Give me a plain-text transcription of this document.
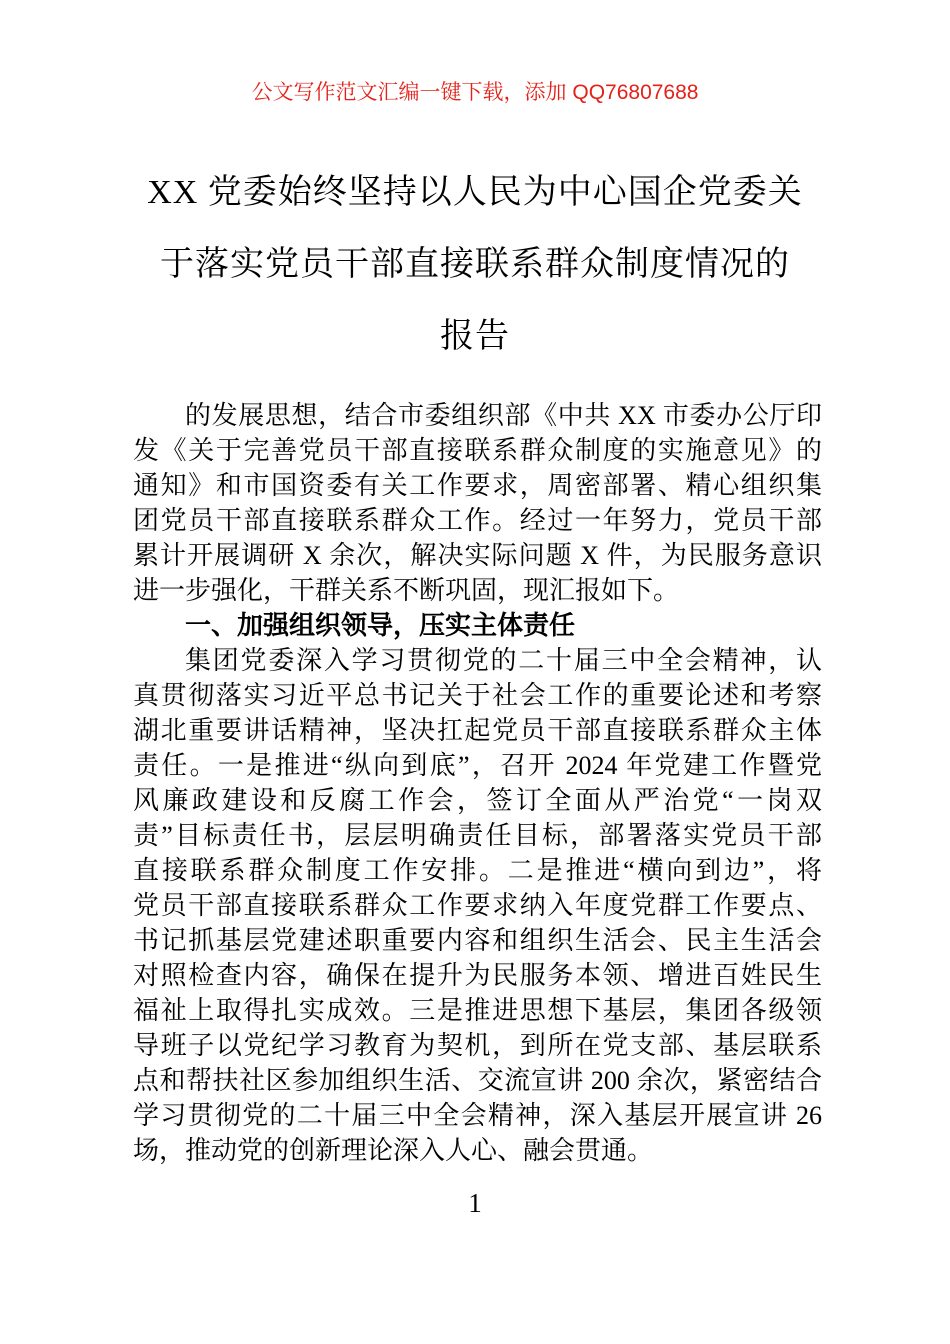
公文写作范文汇编一键下载，添加 QQ76807688
XX 党委始终坚持以人民为中心国企党委关
于落实党员干部直接联系群众制度情况的
报告
的发展思想，结合市委组织部《中共 XX 市委办公厅印
发《关于完善党员干部直接联系群众制度的实施意见》的
通知》和市国资委有关工作要求，周密部署、精心组织集
团党员干部直接联系群众工作。经过一年努力，党员干部
累计开展调研 X 余次，解决实际问题 X 件，为民服务意识
进一步强化，干群关系不断巩固，现汇报如下。
一、加强组织领导，压实主体责任
集团党委深入学习贯彻党的二十届三中全会精神，认
真贯彻落实习近平总书记关于社会工作的重要论述和考察
湖北重要讲话精神，坚决扛起党员干部直接联系群众主体
责任。一是推进“纵向到底”，召开 2024 年党建工作暨党
风廉政建设和反腐工作会，签订全面从严治党“一岗双
责”目标责任书，层层明确责任目标，部署落实党员干部
直接联系群众制度工作安排。二是推进“横向到边”，将
党员干部直接联系群众工作要求纳入年度党群工作要点、
书记抓基层党建述职重要内容和组织生活会、民主生活会
对照检查内容，确保在提升为民服务本领、增进百姓民生
福祉上取得扎实成效。三是推进思想下基层，集团各级领
导班子以党纪学习教育为契机，到所在党支部、基层联系
点和帮扶社区参加组织生活、交流宣讲 200 余次，紧密结合
学习贯彻党的二十届三中全会精神，深入基层开展宣讲 26
场，推动党的创新理论深入人心、融会贯通。
1
